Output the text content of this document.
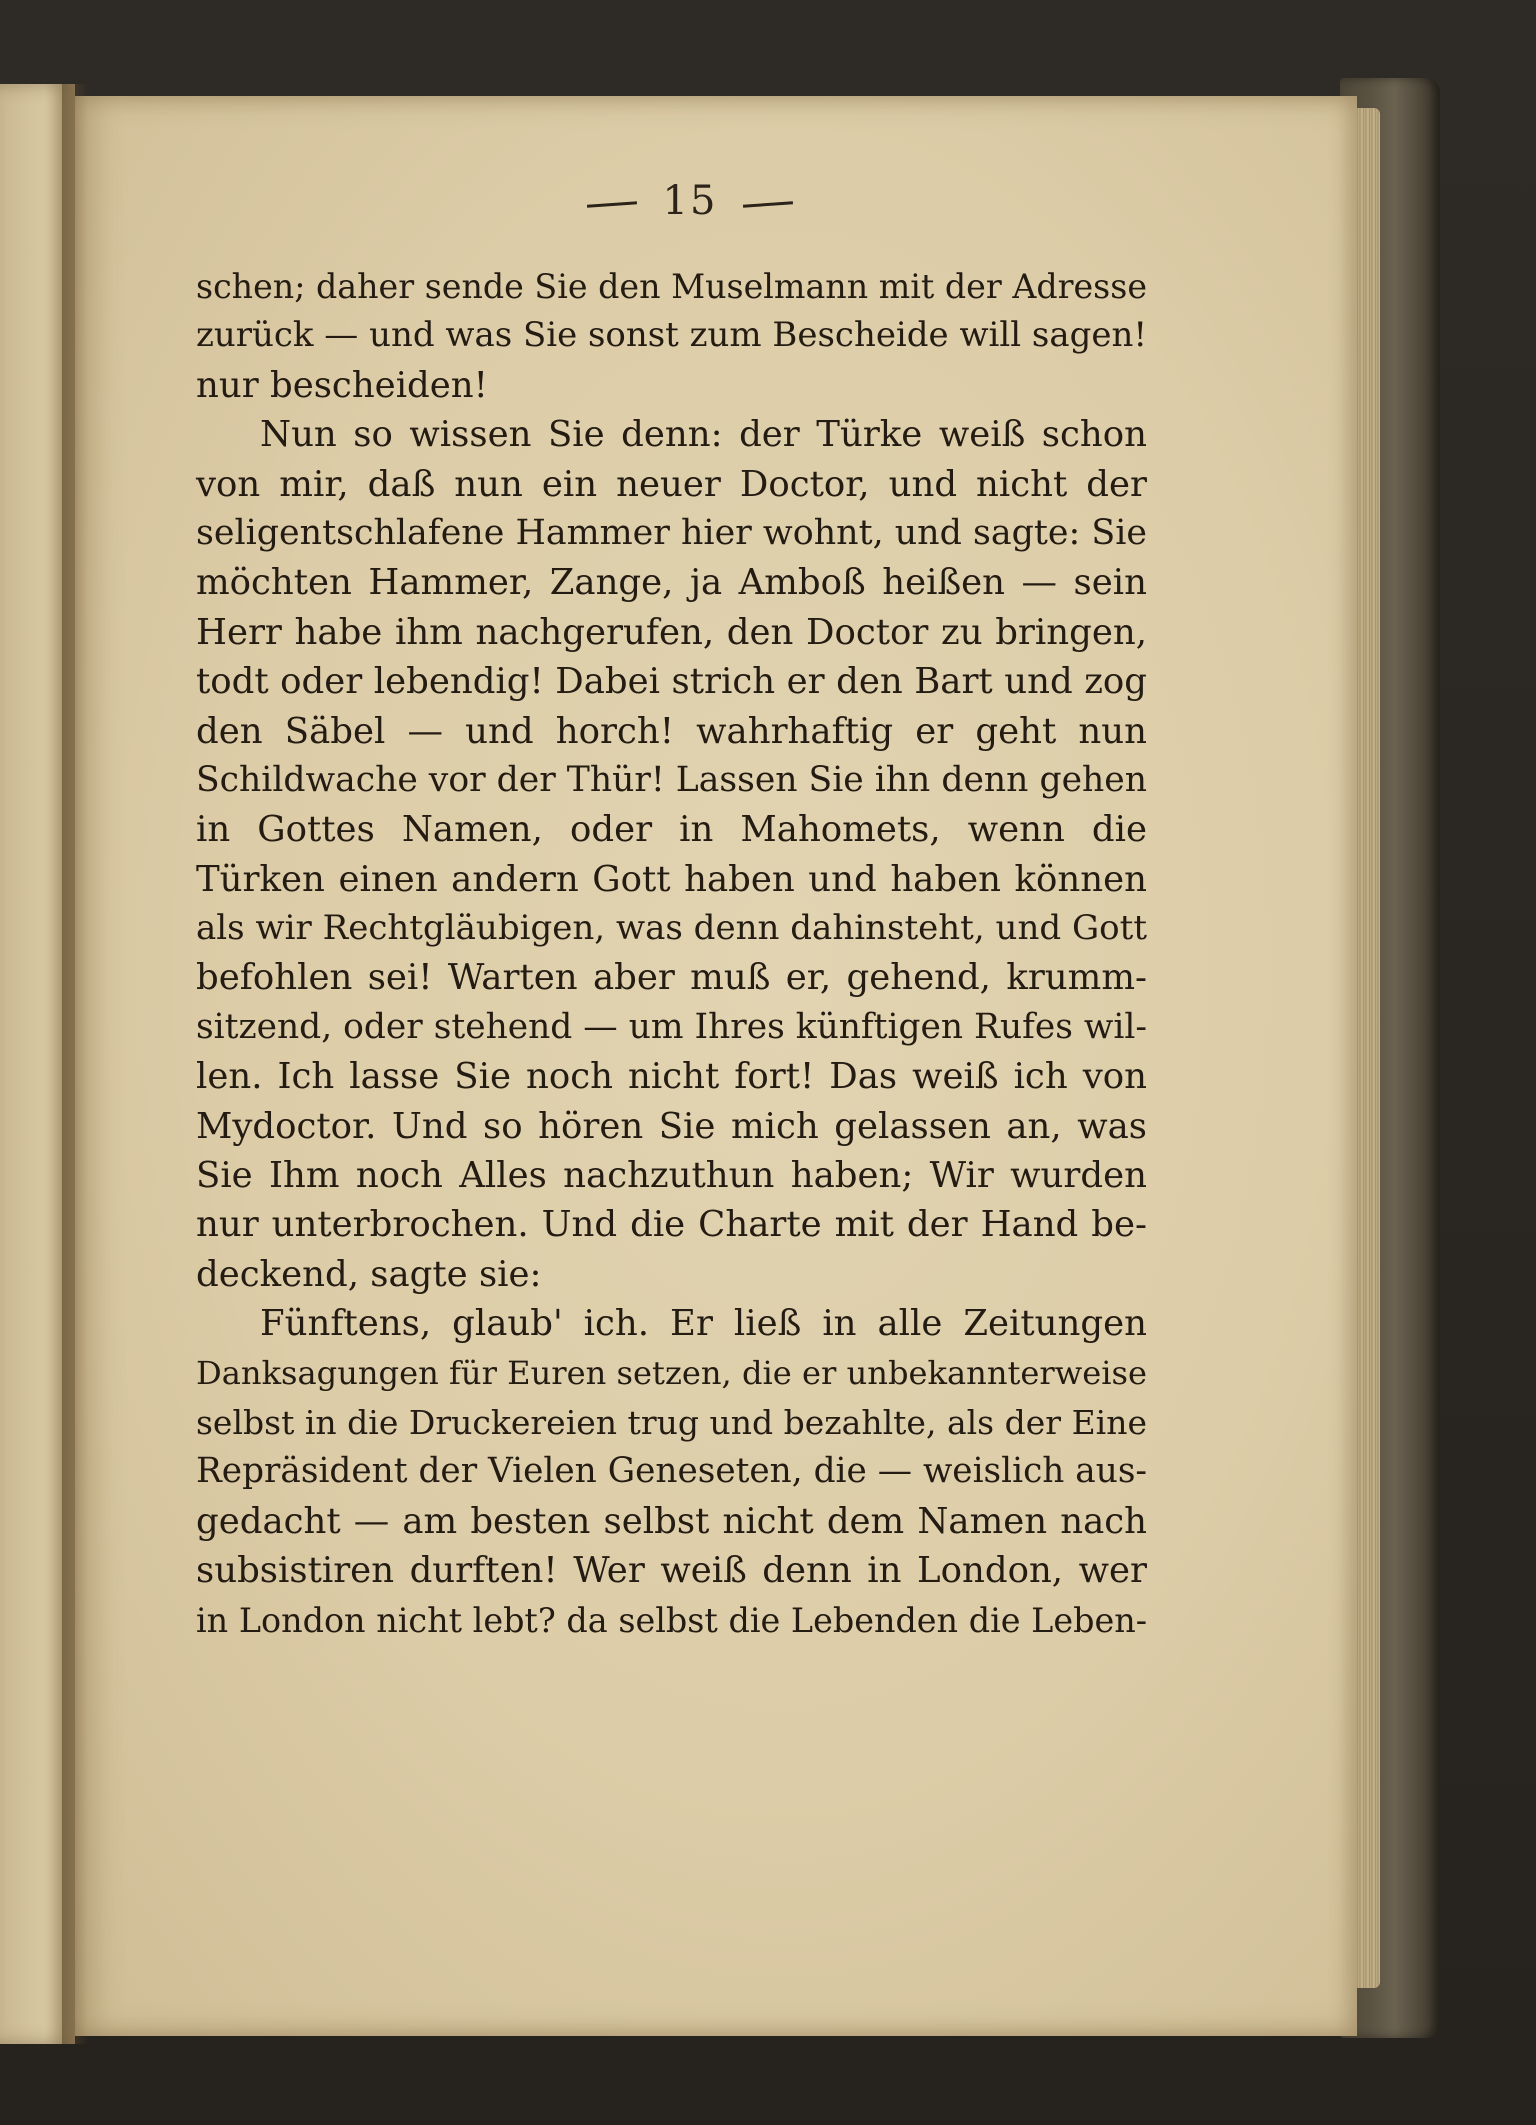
15
schen; daher sende Sie den Muselmann mit der Adresse
zurück — und was Sie sonst zum Bescheide will sagen!
nur bescheiden!
Nun so wissen Sie denn: der Türke weiß schon
von mir, daß nun ein neuer Doctor, und nicht der
seligentschlafene Hammer hier wohnt, und sagte: Sie
möchten Hammer, Zange, ja Amboß heißen — sein
Herr habe ihm nachgerufen, den Doctor zu bringen,
todt oder lebendig! Dabei strich er den Bart und zog
den Säbel — und horch! wahrhaftig er geht nun
Schildwache vor der Thür! Lassen Sie ihn denn gehen
in Gottes Namen, oder in Mahomets, wenn die
Türken einen andern Gott haben und haben können
als wir Rechtgläubigen, was denn dahinsteht, und Gott
befohlen sei! Warten aber muß er, gehend, krumm-
sitzend, oder stehend — um Ihres künftigen Rufes wil-
len. Ich lasse Sie noch nicht fort! Das weiß ich von
Mydoctor. Und so hören Sie mich gelassen an, was
Sie Ihm noch Alles nachzuthun haben; Wir wurden
nur unterbrochen. Und die Charte mit der Hand be-
deckend, sagte sie:
Fünftens, glaub' ich. Er ließ in alle Zeitungen
Danksagungen für Euren setzen, die er unbekannterweise
selbst in die Druckereien trug und bezahlte, als der Eine
Repräsident der Vielen Geneseten, die — weislich aus-
gedacht — am besten selbst nicht dem Namen nach
subsistiren durften! Wer weiß denn in London, wer
in London nicht lebt? da selbst die Lebenden die Leben-
